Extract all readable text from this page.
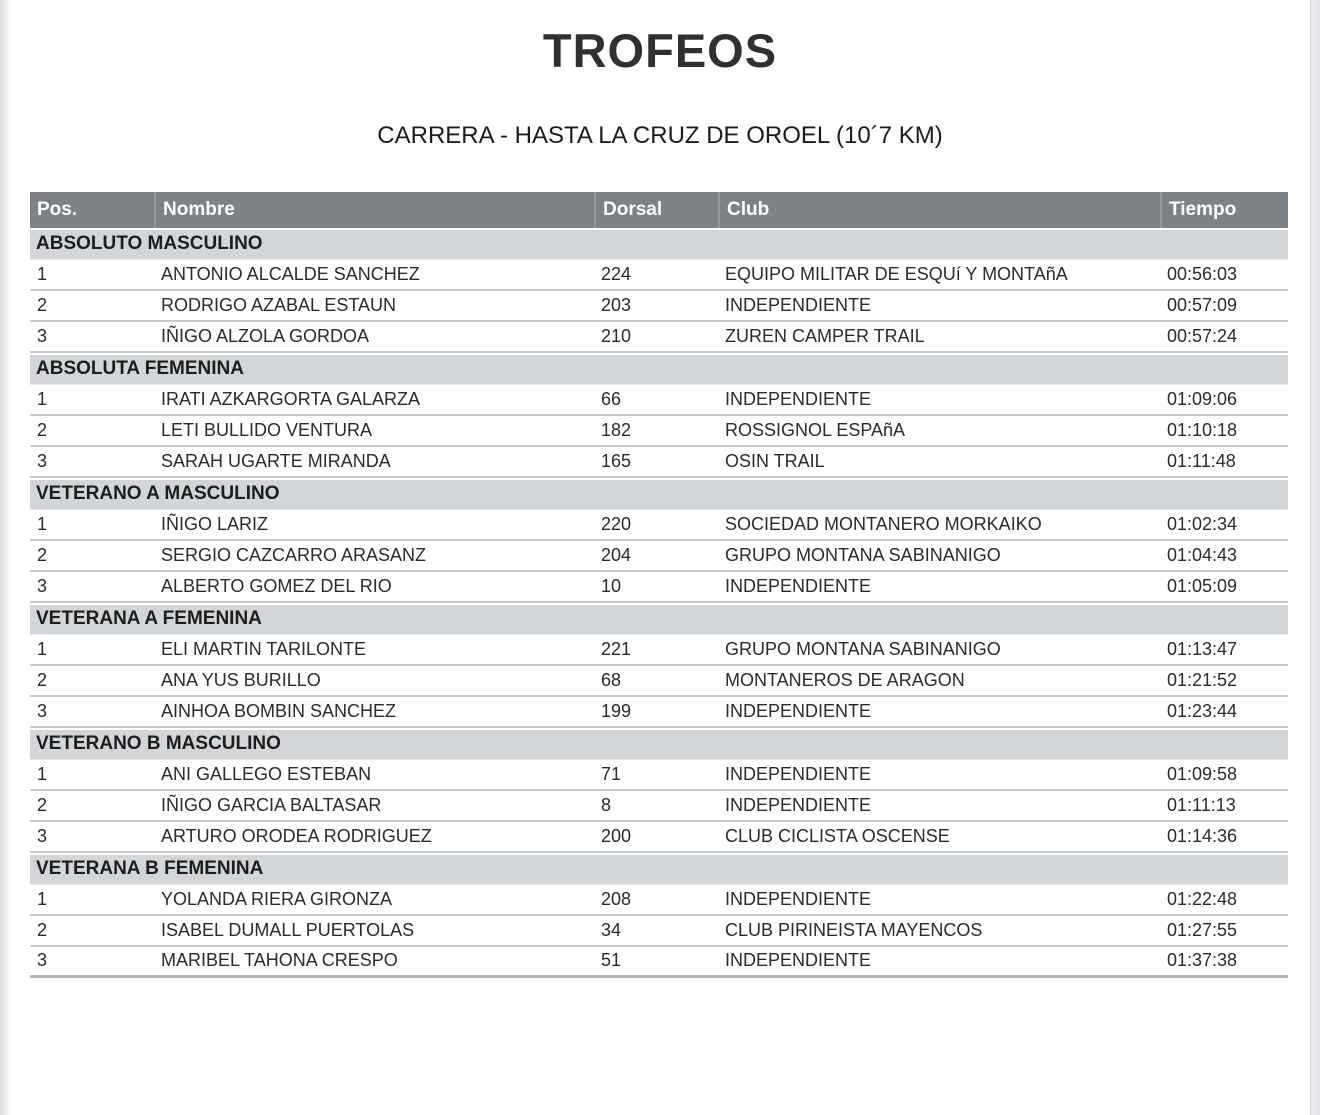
TROFEOS
CARRERA - HASTA LA CRUZ DE OROEL (10´7 KM)
Pos.	Nombre	Dorsal	Club	Tiempo
ABSOLUTO MASCULINO				
1	ANTONIO ALCALDE SANCHEZ	224	EQUIPO MILITAR DE ESQUí Y MONTAñA	00:56:03
2	RODRIGO AZABAL ESTAUN	203	INDEPENDIENTE	00:57:09
3	IÑIGO ALZOLA GORDOA	210	ZUREN CAMPER TRAIL	00:57:24
ABSOLUTA FEMENINA				
1	IRATI AZKARGORTA GALARZA	66	INDEPENDIENTE	01:09:06
2	LETI BULLIDO VENTURA	182	ROSSIGNOL ESPAñA	01:10:18
3	SARAH UGARTE MIRANDA	165	OSIN TRAIL	01:11:48
VETERANO A MASCULINO				
1	IÑIGO LARIZ	220	SOCIEDAD MONTANERO MORKAIKO	01:02:34
2	SERGIO CAZCARRO ARASANZ	204	GRUPO MONTANA SABINANIGO	01:04:43
3	ALBERTO GOMEZ DEL RIO	10	INDEPENDIENTE	01:05:09
VETERANA A FEMENINA				
1	ELI MARTIN TARILONTE	221	GRUPO MONTANA SABINANIGO	01:13:47
2	ANA YUS BURILLO	68	MONTANEROS DE ARAGON	01:21:52
3	AINHOA BOMBIN SANCHEZ	199	INDEPENDIENTE	01:23:44
VETERANO B MASCULINO				
1	ANI GALLEGO ESTEBAN	71	INDEPENDIENTE	01:09:58
2	IÑIGO GARCIA BALTASAR	8	INDEPENDIENTE	01:11:13
3	ARTURO ORODEA RODRIGUEZ	200	CLUB CICLISTA OSCENSE	01:14:36
VETERANA B FEMENINA				
1	YOLANDA RIERA GIRONZA	208	INDEPENDIENTE	01:22:48
2	ISABEL DUMALL PUERTOLAS	34	CLUB PIRINEISTA MAYENCOS	01:27:55
3	MARIBEL TAHONA CRESPO	51	INDEPENDIENTE	01:37:38
